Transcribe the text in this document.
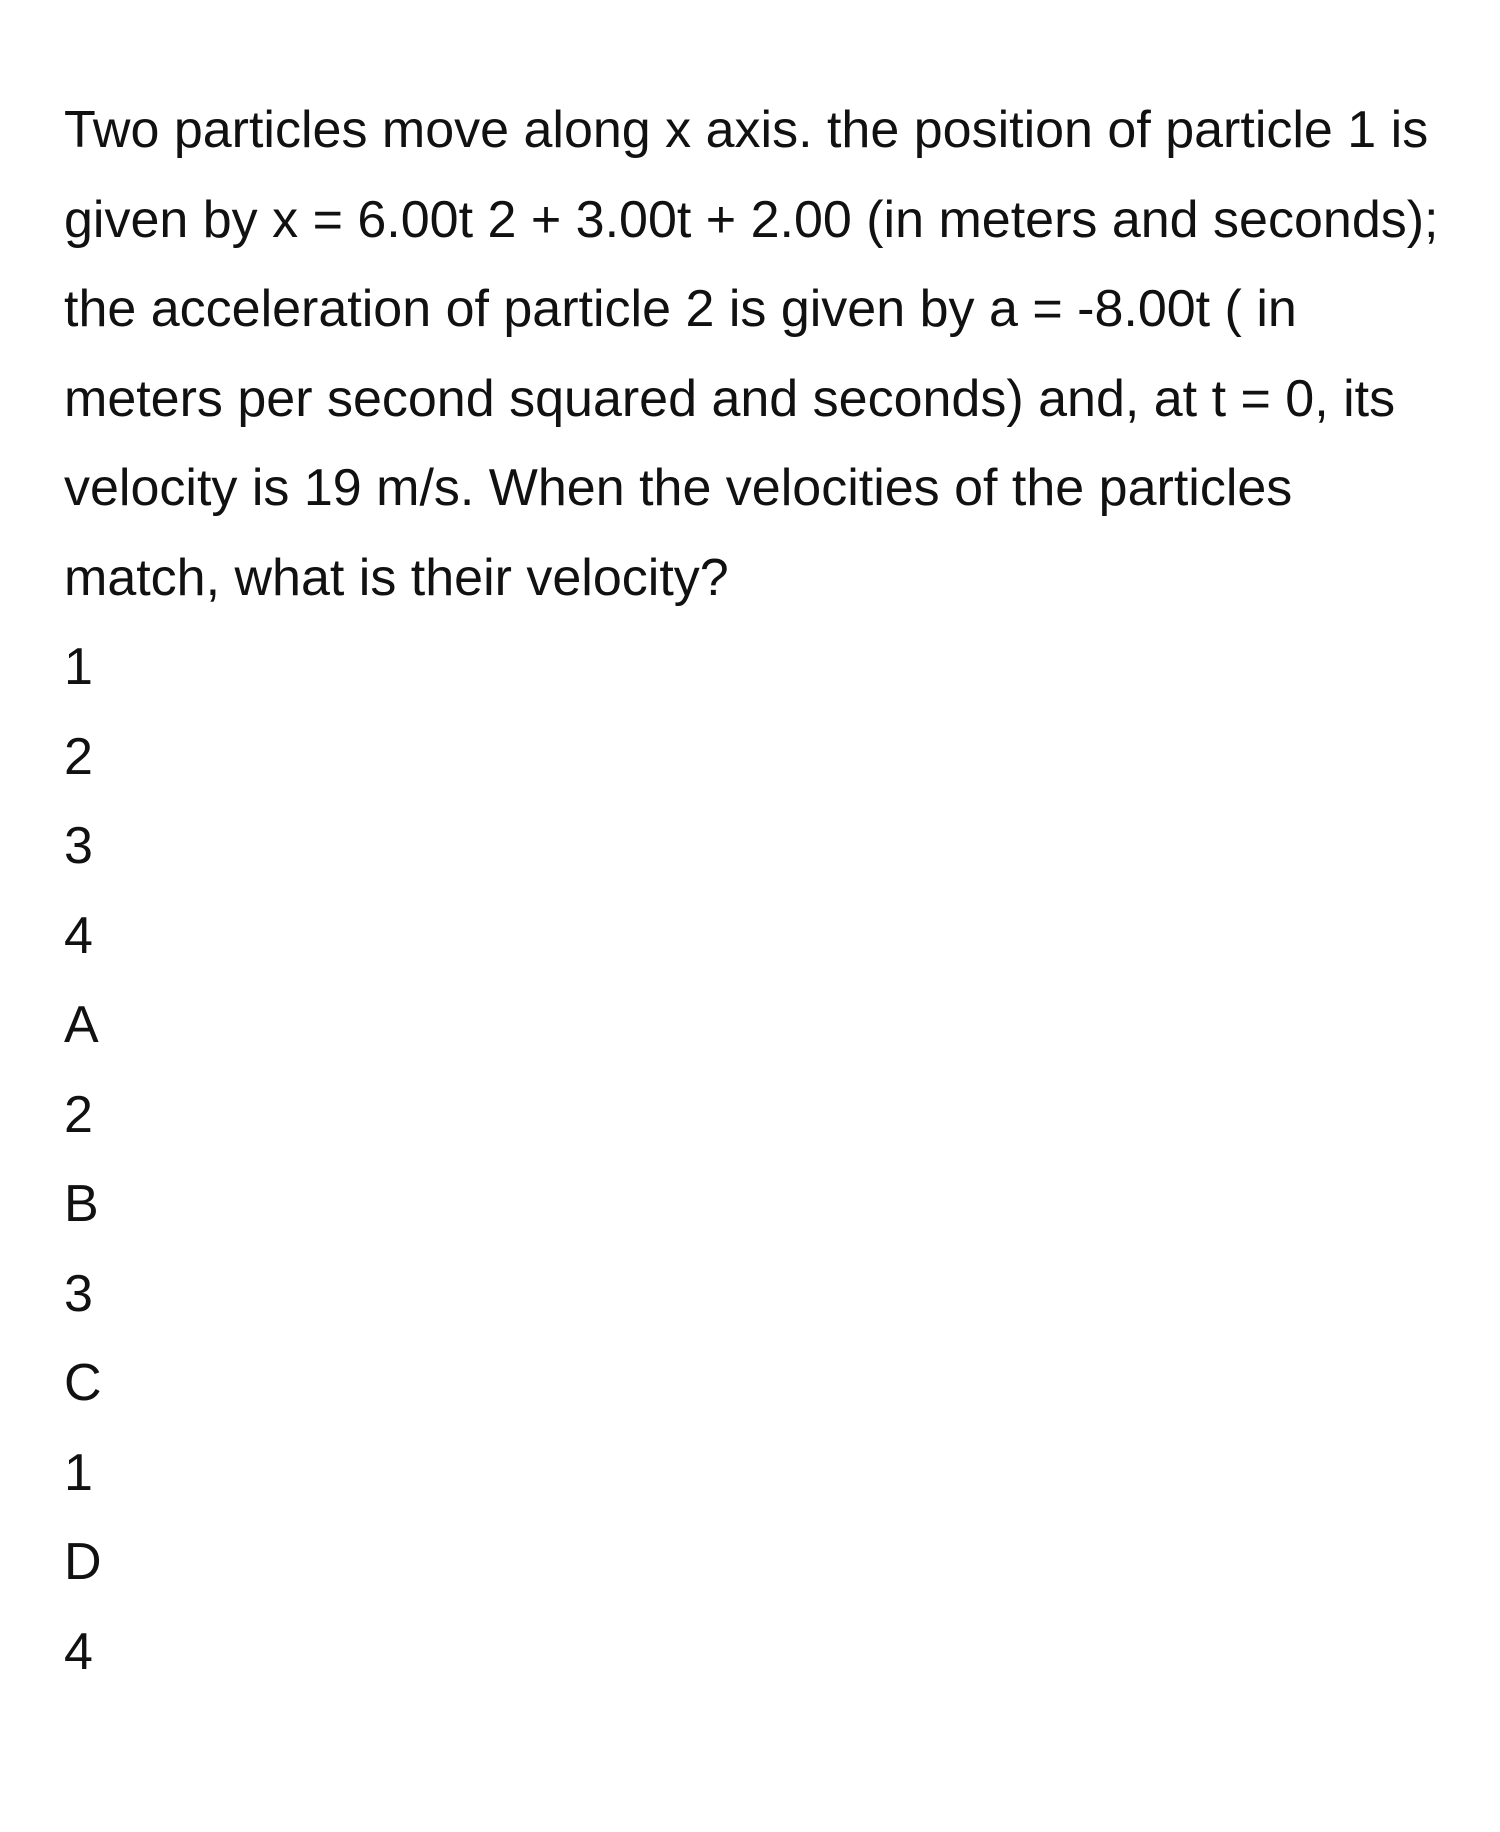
Two particles move along x axis. the position of particle 1 is given by x = 6.00t 2 + 3.00t + 2.00 (in meters and seconds); the acceleration of particle 2 is given by a = -8.00t ( in meters per second squared and seconds) and, at t = 0, its velocity is 19 m/s. When the velocities of the particles match, what is their velocity?

1
2
3
4
A
2
B
3
C
1
D
4
